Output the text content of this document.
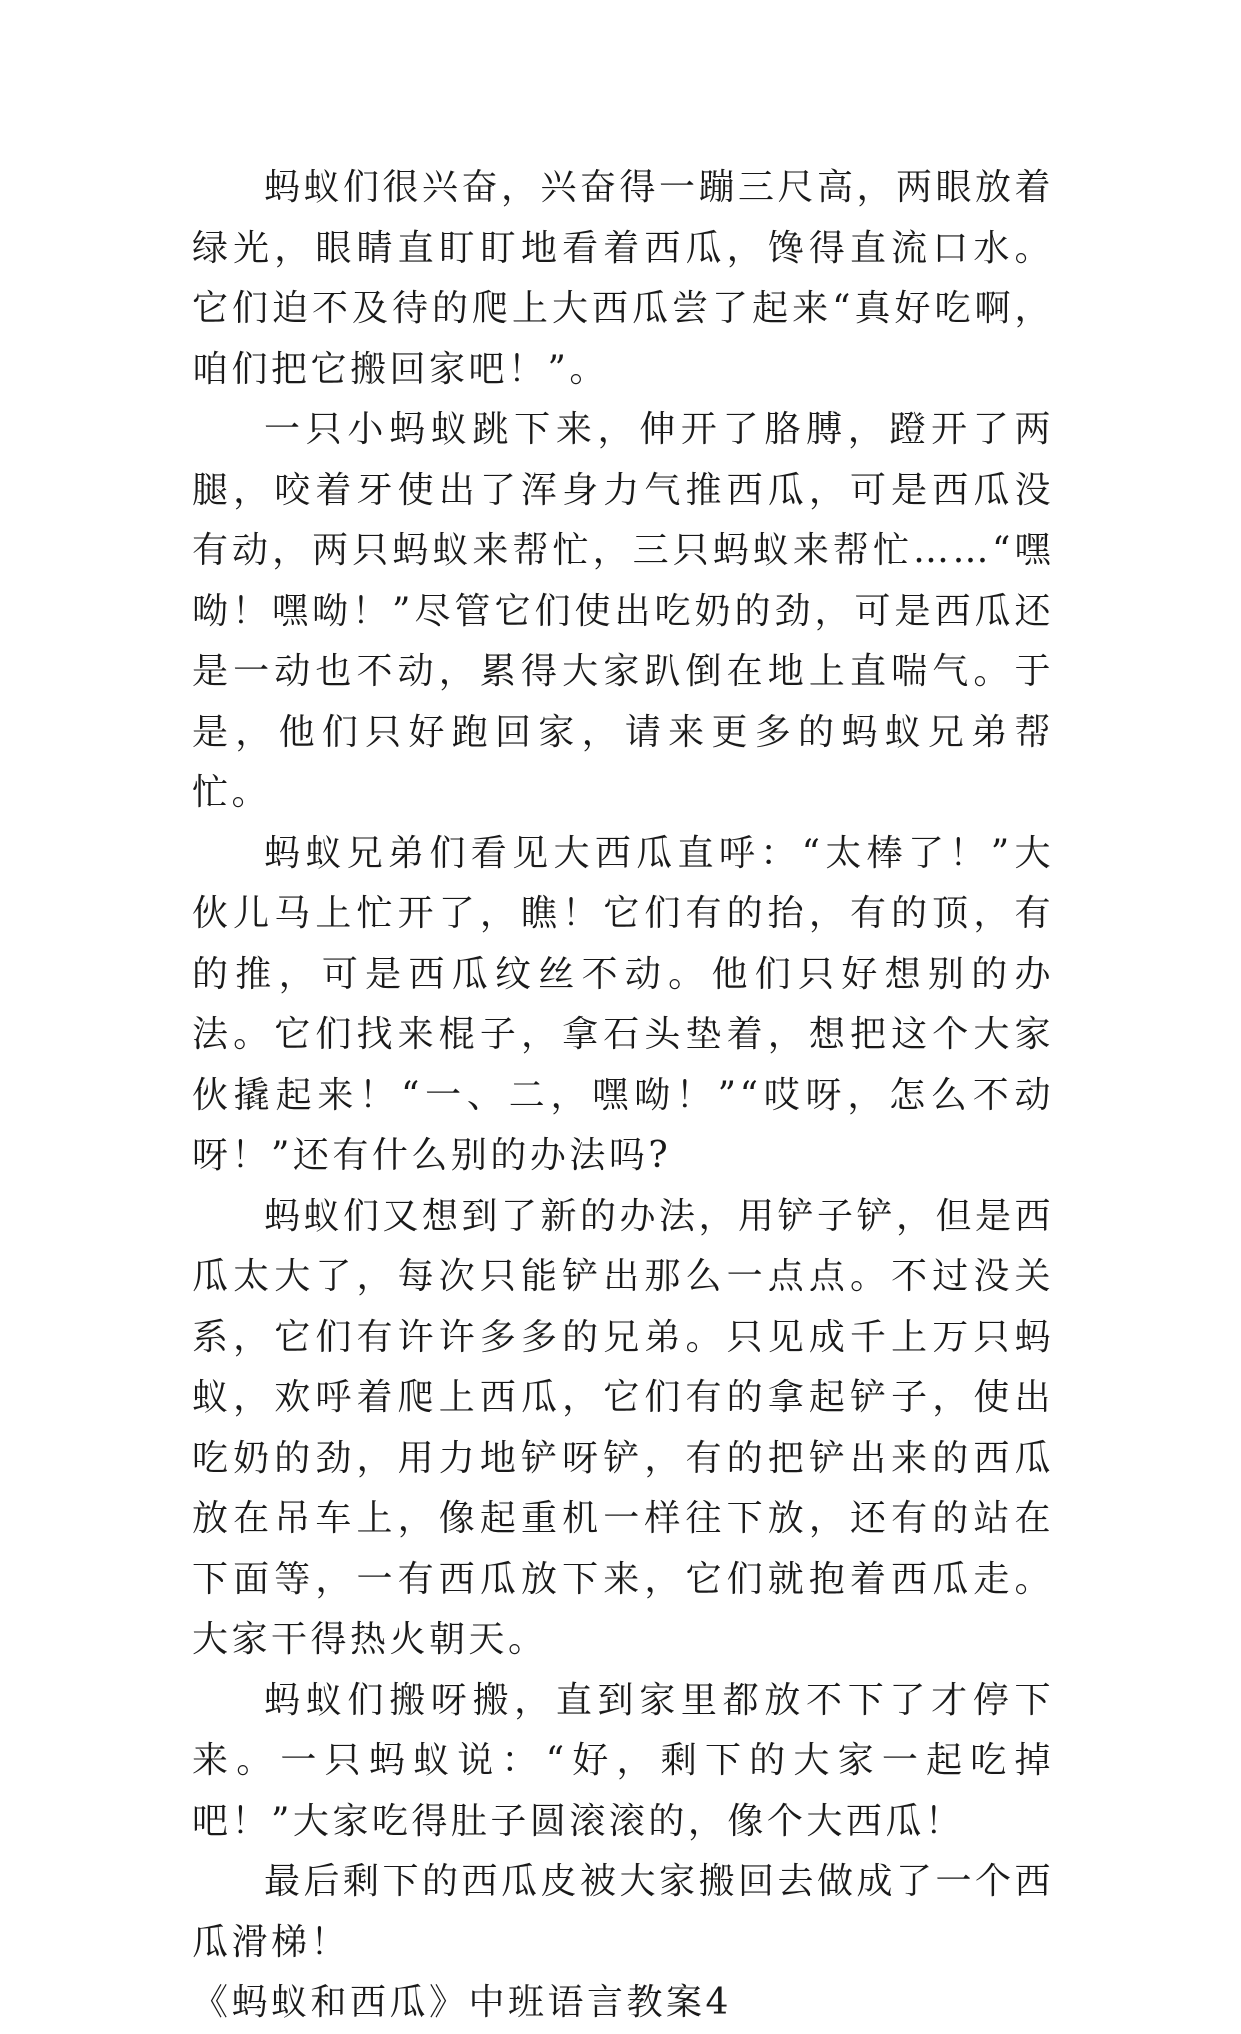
蚂蚁们很兴奋，兴奋得一蹦三尺高，两眼放着绿光，眼睛直盯盯地看着西瓜，馋得直流口水。它们迫不及待的爬上大西瓜尝了起来“真好吃啊，咱们把它搬回家吧！”。

一只小蚂蚁跳下来，伸开了胳膊，蹬开了两腿，咬着牙使出了浑身力气推西瓜，可是西瓜没有动，两只蚂蚁来帮忙，三只蚂蚁来帮忙……“嘿呦！嘿呦！”尽管它们使出吃奶的劲，可是西瓜还是一动也不动，累得大家趴倒在地上直喘气。于是，他们只好跑回家，请来更多的蚂蚁兄弟帮忙。

蚂蚁兄弟们看见大西瓜直呼：“太棒了！”大伙儿马上忙开了，瞧！它们有的抬，有的顶，有的推，可是西瓜纹丝不动。他们只好想别的办法。它们找来棍子，拿石头垫着，想把这个大家伙撬起来！“一、二，嘿呦！”“哎呀，怎么不动呀！”还有什么别的办法吗?

蚂蚁们又想到了新的办法，用铲子铲，但是西瓜太大了，每次只能铲出那么一点点。不过没关系，它们有许许多多的兄弟。只见成千上万只蚂蚁，欢呼着爬上西瓜，它们有的拿起铲子，使出吃奶的劲，用力地铲呀铲，有的把铲出来的西瓜放在吊车上，像起重机一样往下放，还有的站在下面等，一有西瓜放下来，它们就抱着西瓜走。大家干得热火朝天。

蚂蚁们搬呀搬，直到家里都放不下了才停下来。一只蚂蚁说：“好，剩下的大家一起吃掉吧！”大家吃得肚子圆滚滚的，像个大西瓜！

最后剩下的西瓜皮被大家搬回去做成了一个西瓜滑梯！

《蚂蚁和西瓜》中班语言教案4
